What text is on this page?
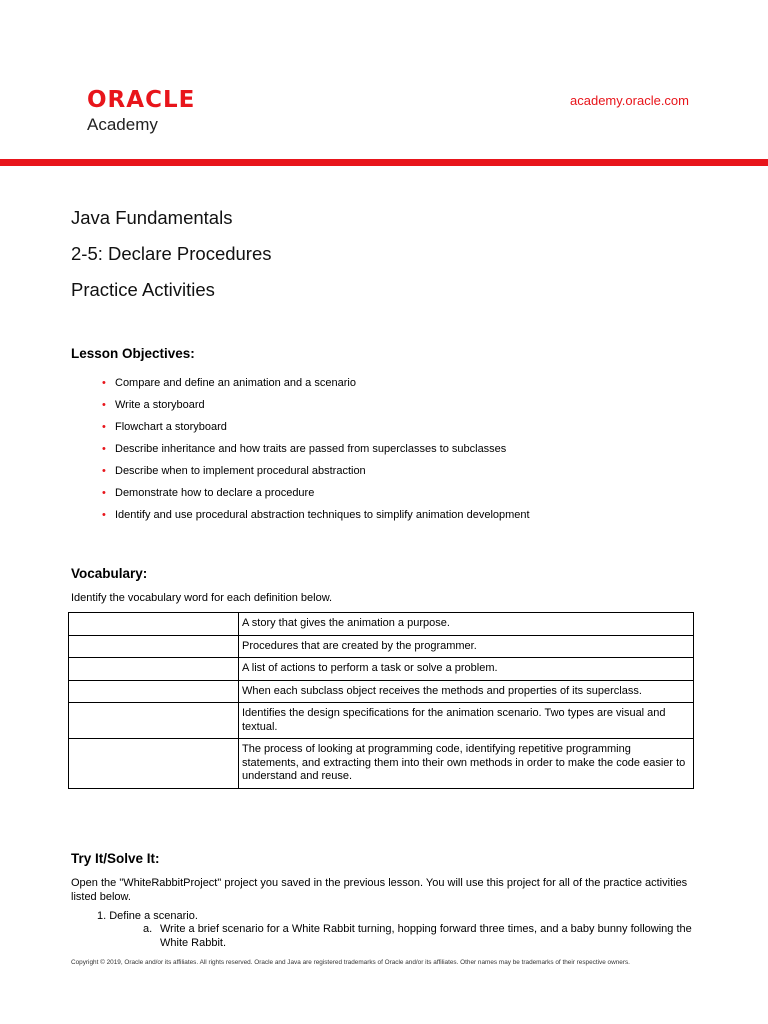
ORACLE
Academy
academy.oracle.com
Java Fundamentals
2-5: Declare Procedures
Practice Activities
Lesson Objectives:
• Compare and define an animation and a scenario
• Write a storyboard
• Flowchart a storyboard
• Describe inheritance and how traits are passed from superclasses to subclasses
• Describe when to implement procedural abstraction
• Demonstrate how to declare a procedure
• Identify and use procedural abstraction techniques to simplify animation development
Vocabulary:
Identify the vocabulary word for each definition below.
	A story that gives the animation a purpose.
	Procedures that are created by the programmer.
	A list of actions to perform a task or solve a problem.
	When each subclass object receives the methods and properties of its superclass.
	Identifies the design specifications for the animation scenario. Two types are visual and textual.
	The process of looking at programming code, identifying repetitive programming statements, and extracting them into their own methods in order to make the code easier to understand and reuse.
Try It/Solve It:
Open the "WhiteRabbitProject" project you saved in the previous lesson. You will use this project for all of the practice activities listed below.
1. Define a scenario.
a. Write a brief scenario for a White Rabbit turning, hopping forward three times, and a baby bunny following the White Rabbit.
Copyright © 2019, Oracle and/or its affiliates. All rights reserved. Oracle and Java are registered trademarks of Oracle and/or its affiliates. Other names may be trademarks of their respective owners.
